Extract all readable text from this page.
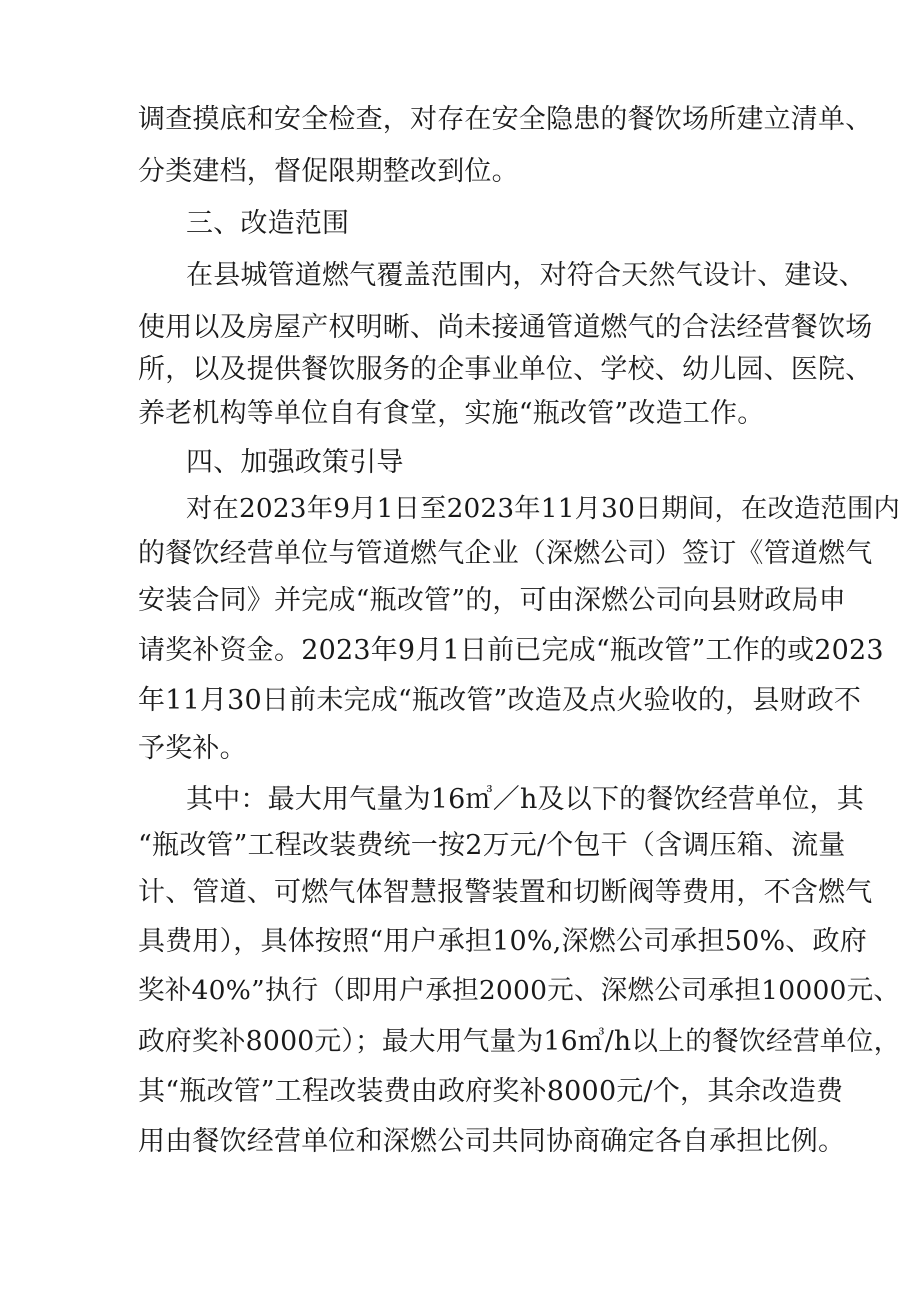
调查摸底和安全检查，对存在安全隐患的餐饮场所建立清单、
分类建档，督促限期整改到位。
三、改造范围
在县城管道燃气覆盖范围内，对符合天然气设计、建设、
使用以及房屋产权明晰、尚未接通管道燃气的合法经营餐饮场
所，以及提供餐饮服务的企事业单位、学校、幼儿园、医院、
养老机构等单位自有食堂，实施“瓶改管”改造工作。
四、加强政策引导
对在2023年9月1日至2023年11月30日期间，在改造范围内
的餐饮经营单位与管道燃气企业（深燃公司）签订《管道燃气
安装合同》并完成“瓶改管”的，可由深燃公司向县财政局申
请奖补资金。2023年9月1日前已完成“瓶改管”工作的或2023
年11月30日前未完成“瓶改管”改造及点火验收的，县财政不
予奖补。
其中：最大用气量为16㎥／h及以下的餐饮经营单位，其
“瓶改管”工程改装费统一按2万元/个包干（含调压箱、流量
计、管道、可燃气体智慧报警装置和切断阀等费用，不含燃气
具费用），具体按照“用户承担10%,深燃公司承担50%、政府
奖补40%”执行（即用户承担2000元、深燃公司承担10000元、
政府奖补8000元）；最大用气量为16㎥/h以上的餐饮经营单位，
其“瓶改管”工程改装费由政府奖补8000元/个，其余改造费
用由餐饮经营单位和深燃公司共同协商确定各自承担比例。
